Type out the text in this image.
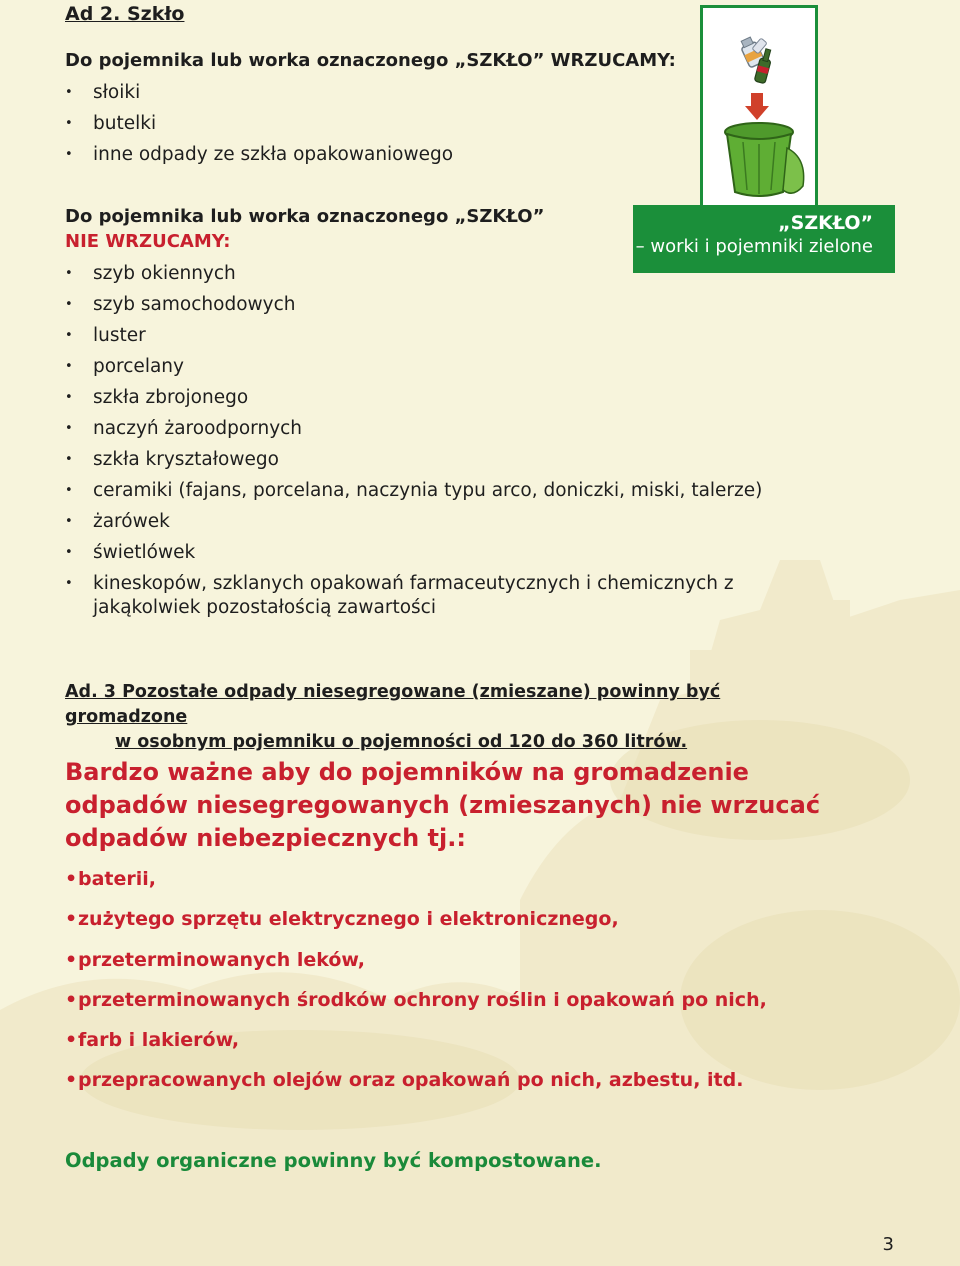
Ad 2. Szkło
Do pojemnika lub worka oznaczonego „SZKŁO” WRZUCAMY:
• słoiki
• butelki
• inne odpady ze szkła opakowaniowego
Do pojemnika lub worka oznaczonego „SZKŁO”
NIE WRZUCAMY:
• szyb okiennych
• szyb samochodowych
• luster
• porcelany
• szkła zbrojonego
• naczyń żaroodpornych
• szkła kryształowego
• ceramiki (fajans, porcelana, naczynia typu arco, doniczki, miski, talerze)
• żarówek
• świetlówek
• kineskopów, szklanych opakowań farmaceutycznych i chemicznych z jakąkolwiek pozostałością zawartości
„SZKŁO”
– worki i pojemniki zielone
Ad. 3 Pozostałe odpady niesegregowane (zmieszane) powinny być gromadzone
w osobnym pojemniku o pojemności od 120 do 360 litrów.
Bardzo ważne aby do pojemników na gromadzenie odpadów niesegregowanych (zmieszanych) nie wrzucać odpadów niebezpiecznych tj.:
• baterii,
• zużytego sprzętu elektrycznego i elektronicznego,
• przeterminowanych leków,
• przeterminowanych środków ochrony roślin i opakowań po nich,
• farb i lakierów,
• przepracowanych olejów oraz opakowań po nich, azbestu, itd.
Odpady organiczne powinny być kompostowane.
3
